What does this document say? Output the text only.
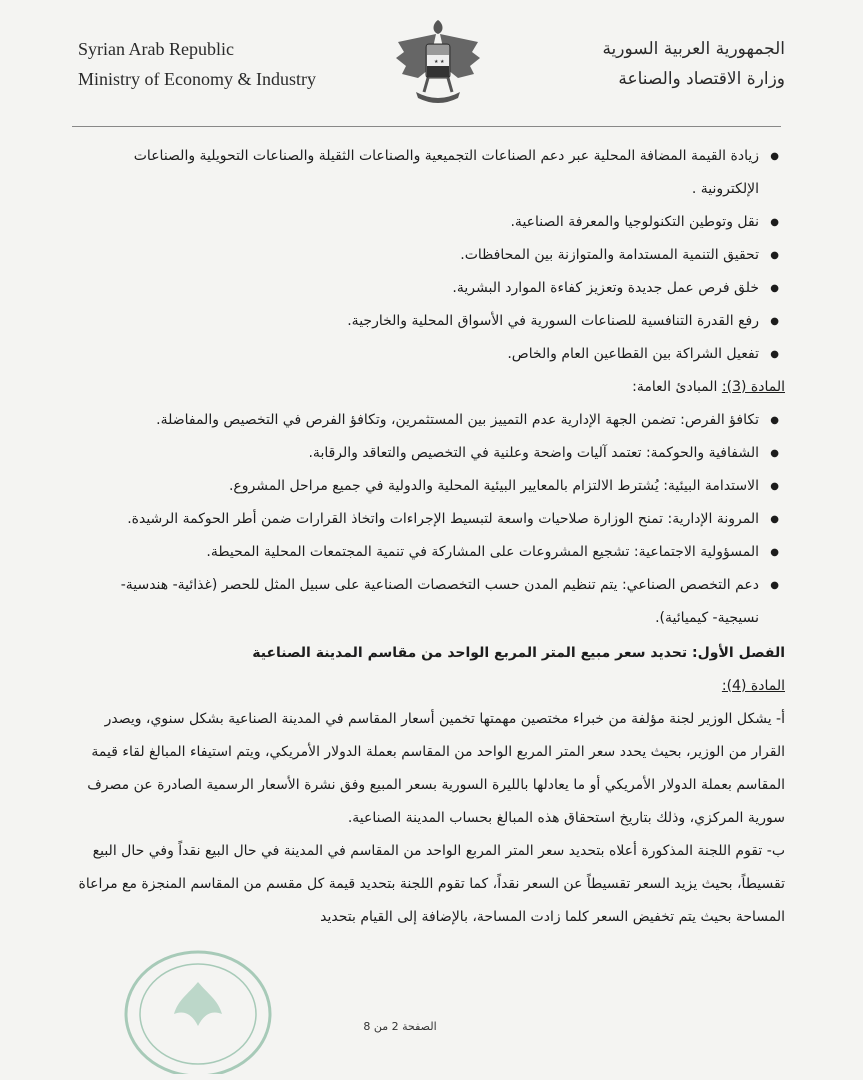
Syrian Arab Republic
Ministry of Economy & Industry
★ ★
الجمهورية العربية السورية
وزارة الاقتصاد والصناعة
● زيادة القيمة المضافة المحلية عبر دعم الصناعات التجميعية والصناعات الثقيلة والصناعات التحويلية والصناعات الإلكترونية .
● نقل وتوطين التكنولوجيا والمعرفة الصناعية.
● تحقيق التنمية المستدامة والمتوازنة بين المحافظات.
● خلق فرص عمل جديدة وتعزيز كفاءة الموارد البشرية.
● رفع القدرة التنافسية للصناعات السورية في الأسواق المحلية والخارجية.
● تفعيل الشراكة بين القطاعين العام والخاص.

المادة (3): المبادئ العامة:

● تكافؤ الفرص: تضمن الجهة الإدارية عدم التمييز بين المستثمرين، وتكافؤ الفرص في التخصيص والمفاضلة.
● الشفافية والحوكمة: تعتمد آليات واضحة وعلنية في التخصيص والتعاقد والرقابة.
● الاستدامة البيئية: يُشترط الالتزام بالمعايير البيئية المحلية والدولية في جميع مراحل المشروع.
● المرونة الإدارية: تمنح الوزارة صلاحيات واسعة لتبسيط الإجراءات واتخاذ القرارات ضمن أطر الحوكمة الرشيدة.
● المسؤولية الاجتماعية: تشجيع المشروعات على المشاركة في تنمية المجتمعات المحلية المحيطة.
● دعم التخصص الصناعي: يتم تنظيم المدن حسب التخصصات الصناعية على سبيل المثل للحصر (غذائية- هندسية- نسيجية- كيميائية).
الفصل الأول: تحديد سعر مبيع المتر المربع الواحد من مقاسم المدينة الصناعية

المادة (4):

أ- يشكل الوزير لجنة مؤلفة من خبراء مختصين مهمتها تخمين أسعار المقاسم في المدينة الصناعية بشكل سنوي، ويصدر القرار من الوزير، بحيث يحدد سعر المتر المربع الواحد من المقاسم بعملة الدولار الأمريكي، ويتم استيفاء المبالغ لقاء قيمة المقاسم بعملة الدولار الأمريكي أو ما يعادلها بالليرة السورية بسعر المبيع وفق نشرة الأسعار الرسمية الصادرة عن مصرف سورية المركزي، وذلك بتاريخ استحقاق هذه المبالغ بحساب المدينة الصناعية.

ب- تقوم اللجنة المذكورة أعلاه بتحديد سعر المتر المربع الواحد من المقاسم في المدينة في حال البيع نقداً وفي حال البيع تقسيطاً، بحيث يزيد السعر تقسيطاً عن السعر نقداً، كما تقوم اللجنة بتحديد قيمة كل مقسم من المقاسم المنجزة مع مراعاة المساحة بحيث يتم تخفيض السعر كلما زادت المساحة، بالإضافة إلى القيام بتحديد

الصفحة 2 من 8
